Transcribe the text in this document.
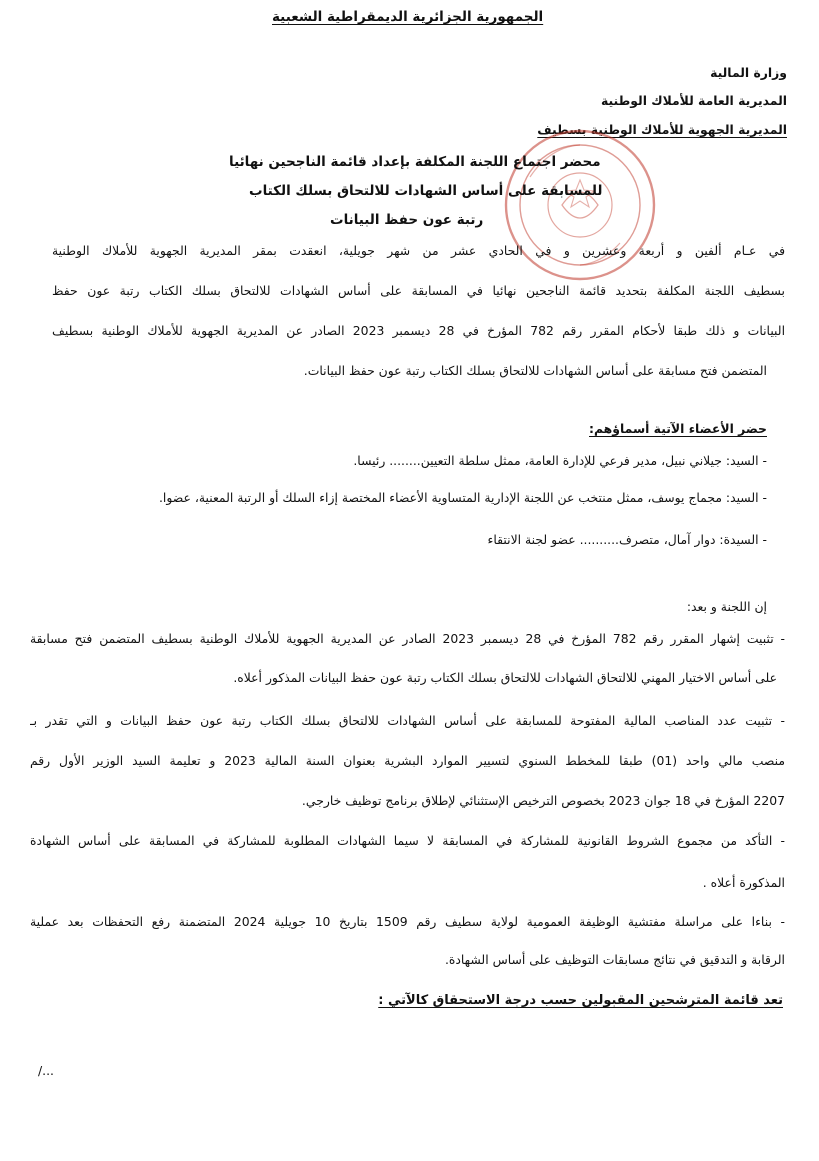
الجمهورية الجزائرية الديمقراطية الشعبية
وزارة المالية
المديرية العامة للأملاك الوطنية
المديرية الجهوية للأملاك الوطنية بسطيف
محضر اجتماع اللجنة المكلفة بإعداد قائمة الناجحين نهائيا
للمسابقة على أساس الشهادات للالتحاق بسلك الكتاب
رتبة عون حفظ البيانات
في عـام ألفين و أربعة وعشرين و في الحادي عشر من شهر جويلية، انعقدت بمقر المديرية الجهوية للأملاك الوطنية
بسطيف اللجنة المكلفة بتحديد قائمة الناجحين نهائيا في المسابقة على أساس الشهادات للالتحاق بسلك الكتاب رتبة عون حفظ
البيانات و ذلك طبقا لأحكام المقرر رقم 782 المؤرخ في 28 ديسمبر 2023 الصادر عن المديرية الجهوية للأملاك الوطنية بسطيف
المتضمن فتح مسابقة على أساس الشهادات للالتحاق بسلك الكتاب رتبة عون حفظ البيانات.
حضر الأعضاء الآتية أسماؤهم:
- السيد: جيلاني نبيل، مدير فرعي للإدارة العامة، ممثل سلطة التعيين........ رئيسا.
- السيد: مجماج يوسف، ممثل منتخب عن اللجنة الإدارية المتساوية الأعضاء المختصة إزاء السلك أو الرتبة المعنية، عضوا.
- السيدة: دوار آمال، متصرف.......... عضو لجنة الانتقاء
إن اللجنة و بعد:
- تثبيت إشهار المقرر رقم 782 المؤرخ في 28 ديسمبر 2023 الصادر عن المديرية الجهوية للأملاك الوطنية بسطيف المتضمن فتح مسابقة
على أساس الاختيار المهني للالتحاق الشهادات للالتحاق بسلك الكتاب رتبة عون حفظ البيانات المذكور أعلاه.
- تثبيت عدد المناصب المالية المفتوحة للمسابقة على أساس الشهادات للالتحاق بسلك الكتاب رتبة عون حفظ البيانات و التي تقدر بـ
منصب مالي واحد (01) طبقا للمخطط السنوي لتسيير الموارد البشرية بعنوان السنة المالية 2023 و تعليمة السيد الوزير الأول رقم
2207 المؤرخ في 18 جوان 2023 بخصوص الترخيص الإستثنائي لإطلاق برنامج توظيف خارجي.
- التأكد من مجموع الشروط القانونية للمشاركة في المسابقة لا سيما الشهادات المطلوبة للمشاركة في المسابقة على أساس الشهادة
المذكورة أعلاه .
- بناءا على مراسلة مفتشية الوظيفة العمومية لولاية سطيف رقم 1509 بتاريخ 10 جويلية 2024 المتضمنة رفع التحفظات بعد عملية
الرقابة و التدقيق في نتائج مسابقات التوظيف على أساس الشهادة.
تعد قائمة المترشحين المقبولين حسب درجة الاستحقاق كالآتي :
/...
